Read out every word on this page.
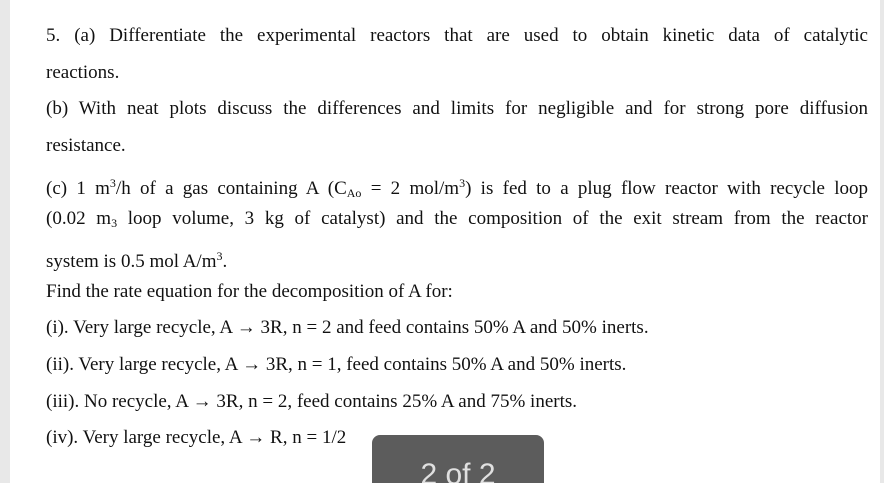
5. (a) Differentiate the experimental reactors that are used to obtain kinetic data of catalytic
reactions.
(b) With neat plots discuss the differences and limits for negligible and for strong pore diffusion
resistance.
(c) 1 $m^3/h$ of a gas containing A ($C_{Ao} = 2$ mol/$m^3$) is fed to a plug flow reactor with recycle loop
(0.02 $m_3$ loop volume, 3 kg of catalyst) and the composition of the exit stream from the reactor
system is 0.5 mol $A/m^3$.
Find the rate equation for the decomposition of A for:
(i). Very large recycle, A → 3R, n = 2 and feed contains 50% A and 50% inerts.
(ii). Very large recycle, A → 3R, n = 1, feed contains 50% A and 50% inerts.
(iii). No recycle, A → 3R, n = 2, feed contains 25% A and 75% inerts.
(iv). Very large recycle, A → R, n = 1/2
2 of 2
